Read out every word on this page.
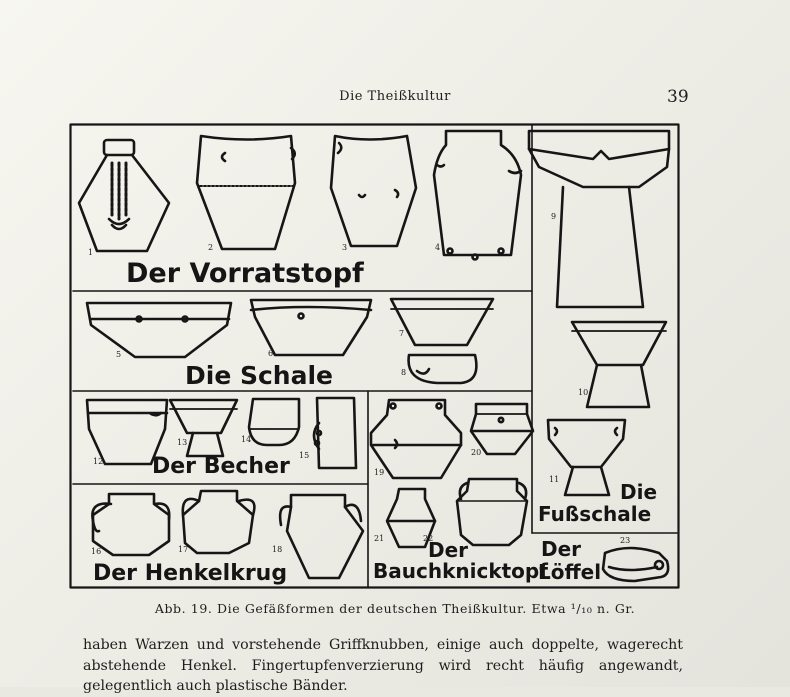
Die Theißkultur	39
1
2	3	4
5	6
7
8
9
10
11
12
13	14
15
16	17	18
19
20
21	22	23
Der Vorratstopf
Die Schale
Der Becher
Der Henkelkrug
Der
Bauchknicktopf
Die
Fußschale
Der
Löffel
Abb. 19. Die Gefäßformen der deutschen Theißkultur. Etwa ¹/₁₀ n. Gr.

haben Warzen und vorstehende Griffknubben, einige auch doppelte, wagerecht abstehende Henkel. Fingertupfenverzierung wird recht häufig angewandt, gelegentlich auch plastische Bänder.
